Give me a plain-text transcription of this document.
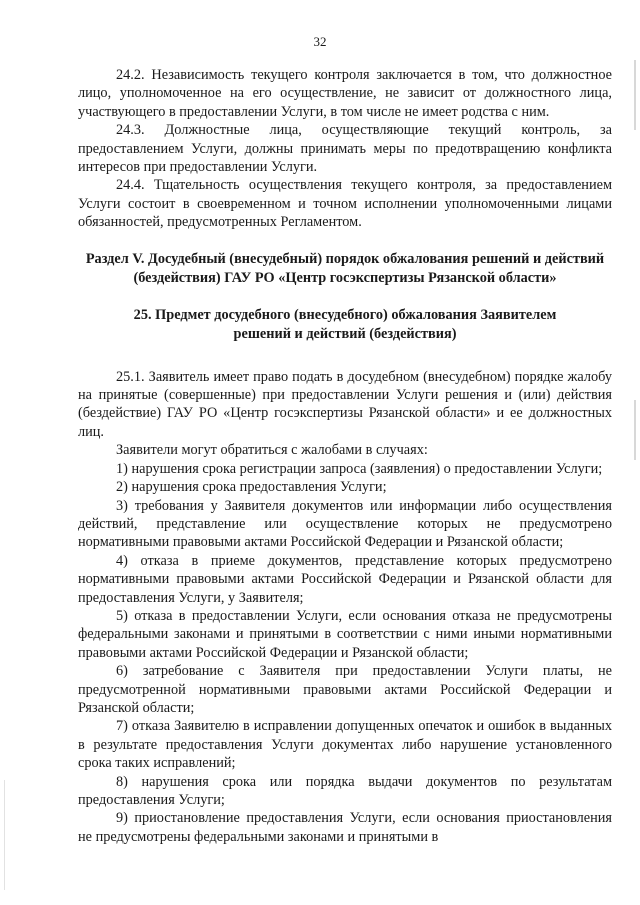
32

24.2. Независимость текущего контроля заключается в том, что должностное лицо, уполномоченное на его осуществление, не зависит от должностного лица, участвующего в предоставлении Услуги, в том числе не имеет родства с ним.

24.3. Должностные лица, осуществляющие текущий контроль, за предоставлением Услуги, должны принимать меры по предотвращению конфликта интересов при предоставлении Услуги.

24.4. Тщательность осуществления текущего контроля, за предоставлением Услуги состоит в своевременном и точном исполнении уполномоченными лицами обязанностей, предусмотренных Регламентом.

Раздел V. Досудебный (внесудебный) порядок обжалования решений и действий (бездействия) ГАУ РО «Центр госэкспертизы Рязанской области»
25. Предмет досудебного (внесудебного) обжалования Заявителем
решений и действий (бездействия)

25.1. Заявитель имеет право подать в досудебном (внесудебном) порядке жалобу на принятые (совершенные) при предоставлении Услуги решения и (или) действия (бездействие) ГАУ РО «Центр госэкспертизы Рязанской области» и ее должностных лиц.

Заявители могут обратиться с жалобами в случаях:

1) нарушения срока регистрации запроса (заявления) о предоставлении Услуги;

2) нарушения срока предоставления Услуги;

3) требования у Заявителя документов или информации либо осуществления действий, представление или осуществление которых не предусмотрено нормативными правовыми актами Российской Федерации и Рязанской области;

4) отказа в приеме документов, представление которых предусмотрено нормативными правовыми актами Российской Федерации и Рязанской области для предоставления Услуги, у Заявителя;

5) отказа в предоставлении Услуги, если основания отказа не предусмотрены федеральными законами и принятыми в соответствии с ними иными нормативными правовыми актами Российской Федерации и Рязанской области;

6) затребование с Заявителя при предоставлении Услуги платы, не предусмотренной нормативными правовыми актами Российской Федерации и Рязанской области;

7) отказа Заявителю в исправлении допущенных опечаток и ошибок в выданных в результате предоставления Услуги документах либо нарушение установленного срока таких исправлений;

8) нарушения срока или порядка выдачи документов по результатам предоставления Услуги;

9) приостановление предоставления Услуги, если основания приостановления не предусмотрены федеральными законами и принятыми в
